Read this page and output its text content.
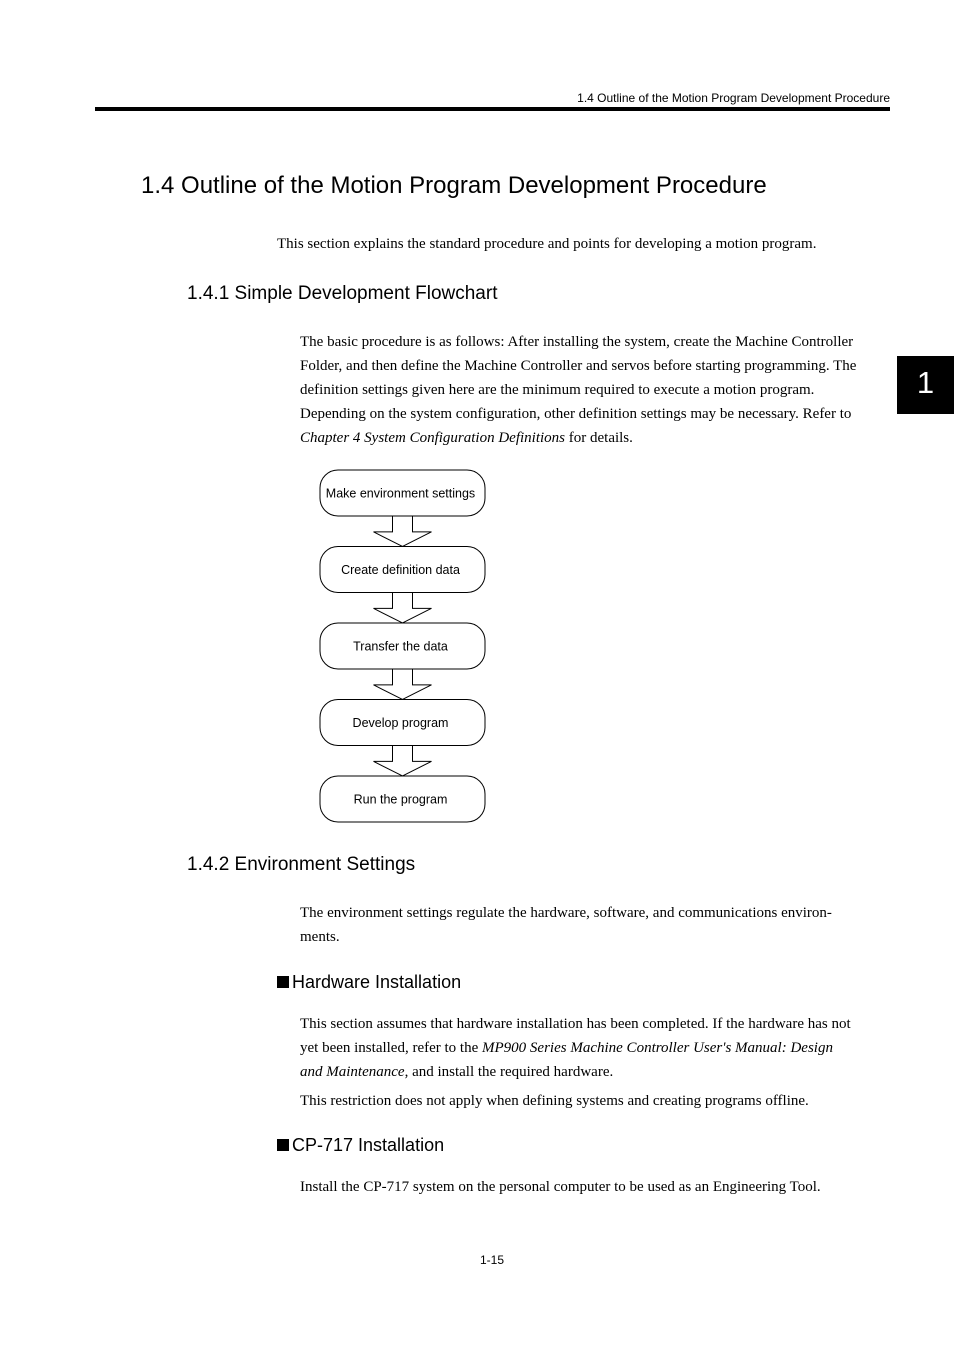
1.4 Outline of the Motion Program Development Procedure
1
1.4 Outline of the Motion Program Development Procedure

This section explains the standard procedure and points for developing a motion program.

1.4.1 Simple Development Flowchart
The basic procedure is as follows: After installing the system, create the Machine Controller
Folder, and then define the Machine Controller and servos before starting programming. The
definition settings given here are the minimum required to execute a motion program.
Depending on the system configuration, other definition settings may be necessary. Refer to
Chapter 4 System Configuration Definitions for details.
Make environment settings
Create definition data
Transfer the data
Develop program
Run the program
1.4.2 Environment Settings
The environment settings regulate the hardware, software, and communications environ-
ments.
Hardware Installation
This section assumes that hardware installation has been completed. If the hardware has not
yet been installed, refer to the MP900 Series Machine Controller User's Manual: Design
and Maintenance, and install the required hardware.
This restriction does not apply when defining systems and creating programs offline.
CP-717 Installation
Install the CP-717 system on the personal computer to be used as an Engineering Tool.
1-15
